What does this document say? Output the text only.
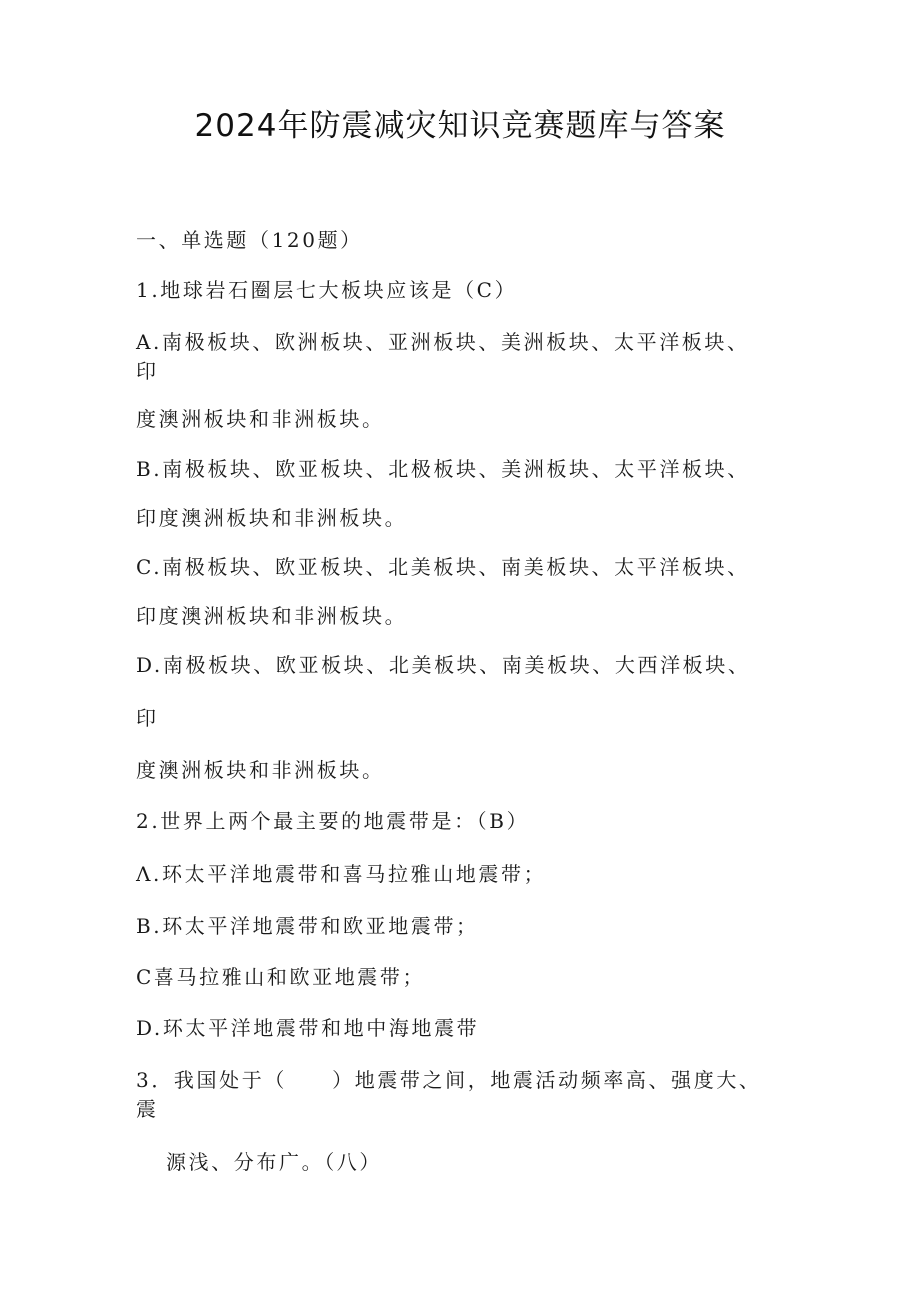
2024年防震减灾知识竞赛题库与答案
一、单选题（120题）
1.地球岩石圈层七大板块应该是（C）
A.南极板块、欧洲板块、亚洲板块、美洲板块、太平洋板块、
印
度澳洲板块和非洲板块。
B.南极板块、欧亚板块、北极板块、美洲板块、太平洋板块、
印度澳洲板块和非洲板块。
C.南极板块、欧亚板块、北美板块、南美板块、太平洋板块、
印度澳洲板块和非洲板块。
D.南极板块、欧亚板块、北美板块、南美板块、大西洋板块、
印
度澳洲板块和非洲板块。
2.世界上两个最主要的地震带是：（B）
Λ.环太平洋地震带和喜马拉雅山地震带；
B.环太平洋地震带和欧亚地震带；
C喜马拉雅山和欧亚地震带；
D.环太平洋地震带和地中海地震带
3．我国处于（　　）地震带之间，地震活动频率高、强度大、
震
源浅、分布广。（八）
